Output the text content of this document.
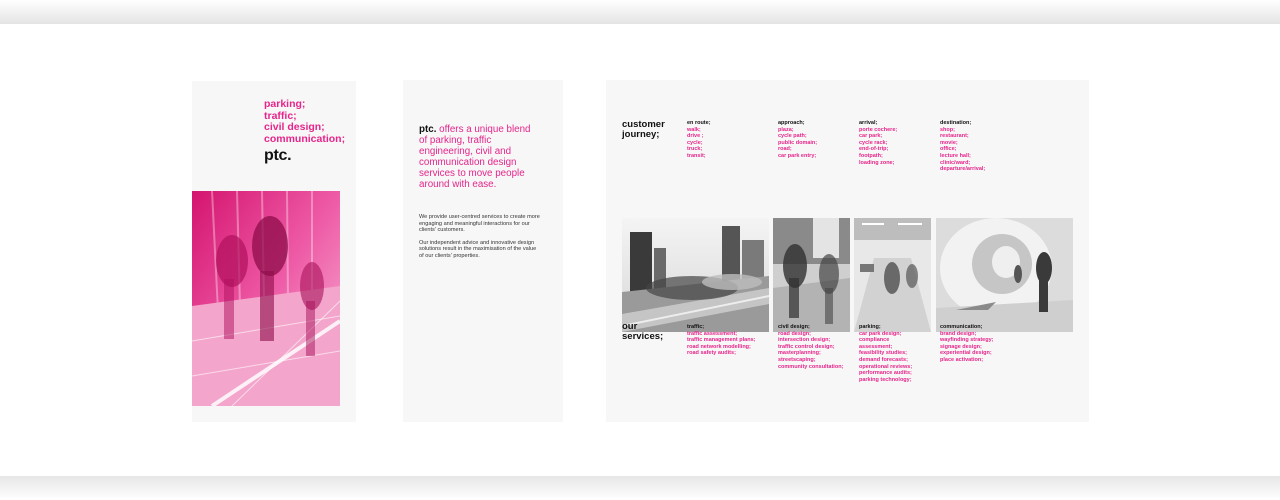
parking;
traffic;
civil design;
communication;
ptc.
ptc. offers a unique blend of parking, traffic engineering, civil and communication design services to move people around with ease.

We provide user-centred services to create more engaging and meaningful interactions for our clients' customers.

Our independent advice and innovative design solutions result in the maximisation of the value of our clients' properties.

customer
journey;
en route;
walk;
drive ;
cycle;
truck;
transit;
approach;
plaza;
cycle path;
public domain;
road;
car park entry;
arrival;
porte cochere;
car park;
cycle rack;
end-of-trip;
footpath;
loading zone;
destination;
shop;
restaurant;
movie;
office;
lecture hall;
clinic/ward;
departure/arrival;
our
services;
traffic;
traffic assessment;
traffic management plans;
road network modelling;
road safety audits;
civil design;
road design;
intersection design;
traffic control design;
masterplanning;
streetscaping;
community consultation;
parking;
car park design;
compliance
assessment;
feasibility studies;
demand forecasts;
operational reviews;
performance audits;
parking technology;
communication;
brand design;
wayfinding strategy;
signage design;
experiential design;
place activation;
